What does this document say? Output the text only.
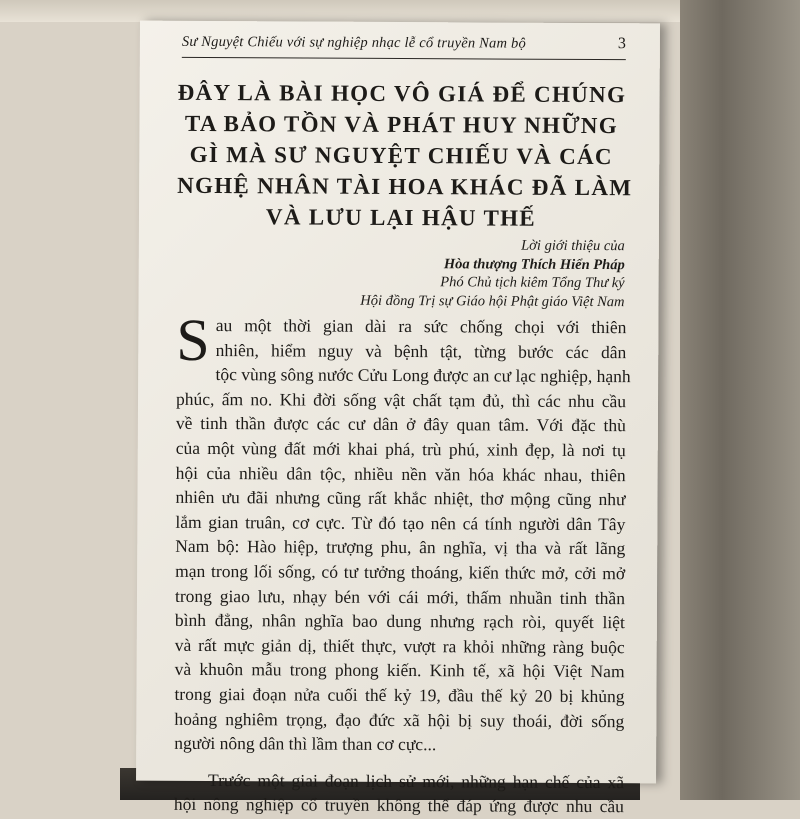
Sư Nguyệt Chiếu với sự nghiệp nhạc lễ cổ truyền Nam bộ	3
ĐÂY LÀ BÀI HỌC VÔ GIÁ ĐỂ CHÚNG
TA BẢO TỒN VÀ PHÁT HUY NHỮNG
GÌ MÀ SƯ NGUYỆT CHIẾU VÀ CÁC
NGHỆ NHÂN TÀI HOA KHÁC ĐÃ LÀM
VÀ LƯU LẠI HẬU THẾ
Lời giới thiệu của
Hòa thượng Thích Hiển Pháp
Phó Chủ tịch kiêm Tổng Thư ký
Hội đồng Trị sự Giáo hội Phật giáo Việt Nam
S au một thời gian dài ra sức chống chọi với thiên
nhiên, hiểm nguy và bệnh tật, từng bước các dân
tộc vùng sông nước Cửu Long được an cư lạc nghiệp, hạnh
phúc, ấm no. Khi đời sống vật chất tạm đủ, thì các nhu cầu
về tinh thần được các cư dân ở đây quan tâm. Với đặc thù
của một vùng đất mới khai phá, trù phú, xinh đẹp, là nơi tụ
hội của nhiều dân tộc, nhiều nền văn hóa khác nhau, thiên
nhiên ưu đãi nhưng cũng rất khắc nhiệt, thơ mộng cũng như
lắm gian truân, cơ cực. Từ đó tạo nên cá tính người dân Tây
Nam bộ: Hào hiệp, trượng phu, ân nghĩa, vị tha và rất lãng
mạn trong lối sống, có tư tưởng thoáng, kiến thức mở, cởi mở
trong giao lưu, nhạy bén với cái mới, thấm nhuần tinh thần
bình đẳng, nhân nghĩa bao dung nhưng rạch ròi, quyết liệt
và rất mực giản dị, thiết thực, vượt ra khỏi những ràng buộc
và khuôn mẫu trong phong kiến. Kinh tế, xã hội Việt Nam
trong giai đoạn nửa cuối thế kỷ 19, đầu thế kỷ 20 bị khủng
hoảng nghiêm trọng, đạo đức xã hội bị suy thoái, đời sống
người nông dân thì lầm than cơ cực...
Trước một giai đoạn lịch sử mới, những hạn chế của xã
hội nông nghiệp cổ truyền không thể đáp ứng được nhu cầu
